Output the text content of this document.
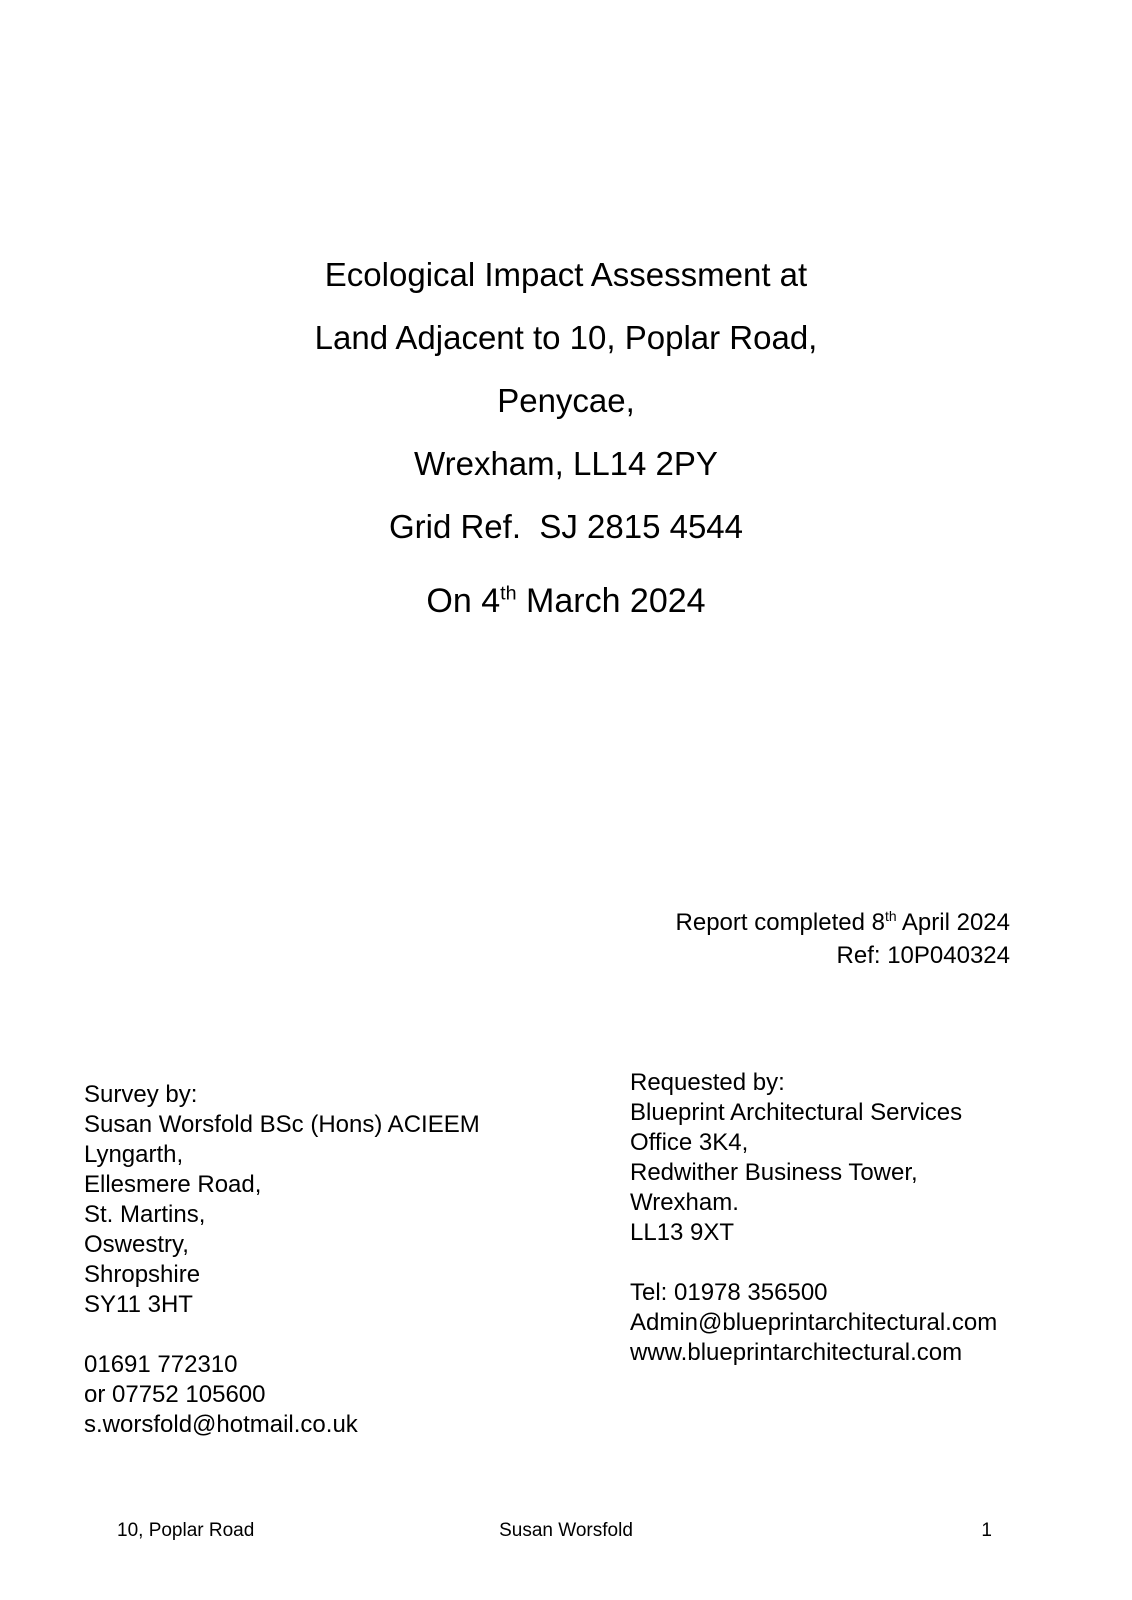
Ecological Impact Assessment at

Land Adjacent to 10, Poplar Road,

Penycae,

Wrexham, LL14 2PY

Grid Ref.  SJ 2815 4544

On 4th March 2024

Report completed 8th April 2024

Ref: 10P040324

Survey by:

Susan Worsfold BSc (Hons) ACIEEM

Lyngarth,

Ellesmere Road,

St. Martins,

Oswestry,

Shropshire

SY11 3HT

01691 772310

or 07752 105600

s.worsfold@hotmail.co.uk

Requested by:

Blueprint Architectural Services

Office 3K4,

Redwither Business Tower,

Wrexham.

LL13 9XT

Tel: 01978 356500

Admin@blueprintarchitectural.com

www.blueprintarchitectural.com

Susan Worsfold
10, Poplar Road	1
